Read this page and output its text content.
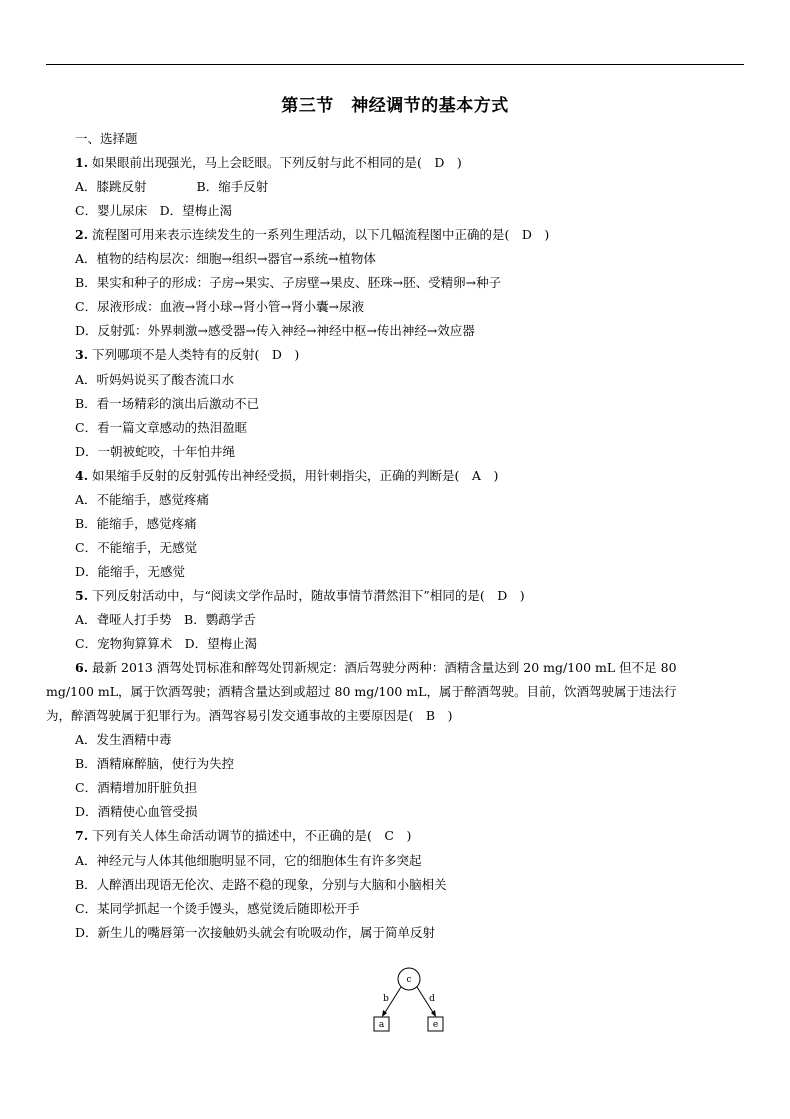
第三节　神经调节的基本方式
一、选择题
1. 如果眼前出现强光，马上会眨眼。下列反射与此不相同的是(　D　)
A．膝跳反射　　　　B．缩手反射
C．婴儿尿床　D．望梅止渴
2. 流程图可用来表示连续发生的一系列生理活动，以下几幅流程图中正确的是(　D　)
A．植物的结构层次：细胞→组织→器官→系统→植物体
B．果实和种子的形成：子房→果实、子房壁→果皮、胚珠→胚、受精卵→种子
C．尿液形成：血液→肾小球→肾小管→肾小囊→尿液
D．反射弧：外界刺激→感受器→传入神经→神经中枢→传出神经→效应器
3. 下列哪项不是人类特有的反射(　D　)
A．听妈妈说买了酸杏流口水
B．看一场精彩的演出后激动不已
C．看一篇文章感动的热泪盈眶
D．一朝被蛇咬，十年怕井绳
4. 如果缩手反射的反射弧传出神经受损，用针刺指尖，正确的判断是(　A　)
A．不能缩手，感觉疼痛
B．能缩手，感觉疼痛
C．不能缩手，无感觉
D．能缩手，无感觉
5. 下列反射活动中，与“阅读文学作品时，随故事情节潸然泪下”相同的是(　D　)
A．聋哑人打手势　B．鹦鹉学舌
C．宠物狗算算术　D．望梅止渴
6. 最新 2013 酒驾处罚标准和醉驾处罚新规定：酒后驾驶分两种：酒精含量达到 20 mg/100 mL 但不足 80
mg/100 mL，属于饮酒驾驶；酒精含量达到或超过 80 mg/100 mL，属于醉酒驾驶。目前，饮酒驾驶属于违法行
为，醉酒驾驶属于犯罪行为。酒驾容易引发交通事故的主要原因是(　B　)
A．发生酒精中毒
B．酒精麻醉脑，使行为失控
C．酒精增加肝脏负担
D．酒精使心血管受损
7. 下列有关人体生命活动调节的描述中，不正确的是(　C　)
A．神经元与人体其他细胞明显不同，它的细胞体生有许多突起
B．人醉酒出现语无伦次、走路不稳的现象，分别与大脑和小脑相关
C．某同学抓起一个烫手馒头，感觉烫后随即松开手
D．新生儿的嘴唇第一次接触奶头就会有吮吸动作，属于简单反射
c
b	d
a	e
